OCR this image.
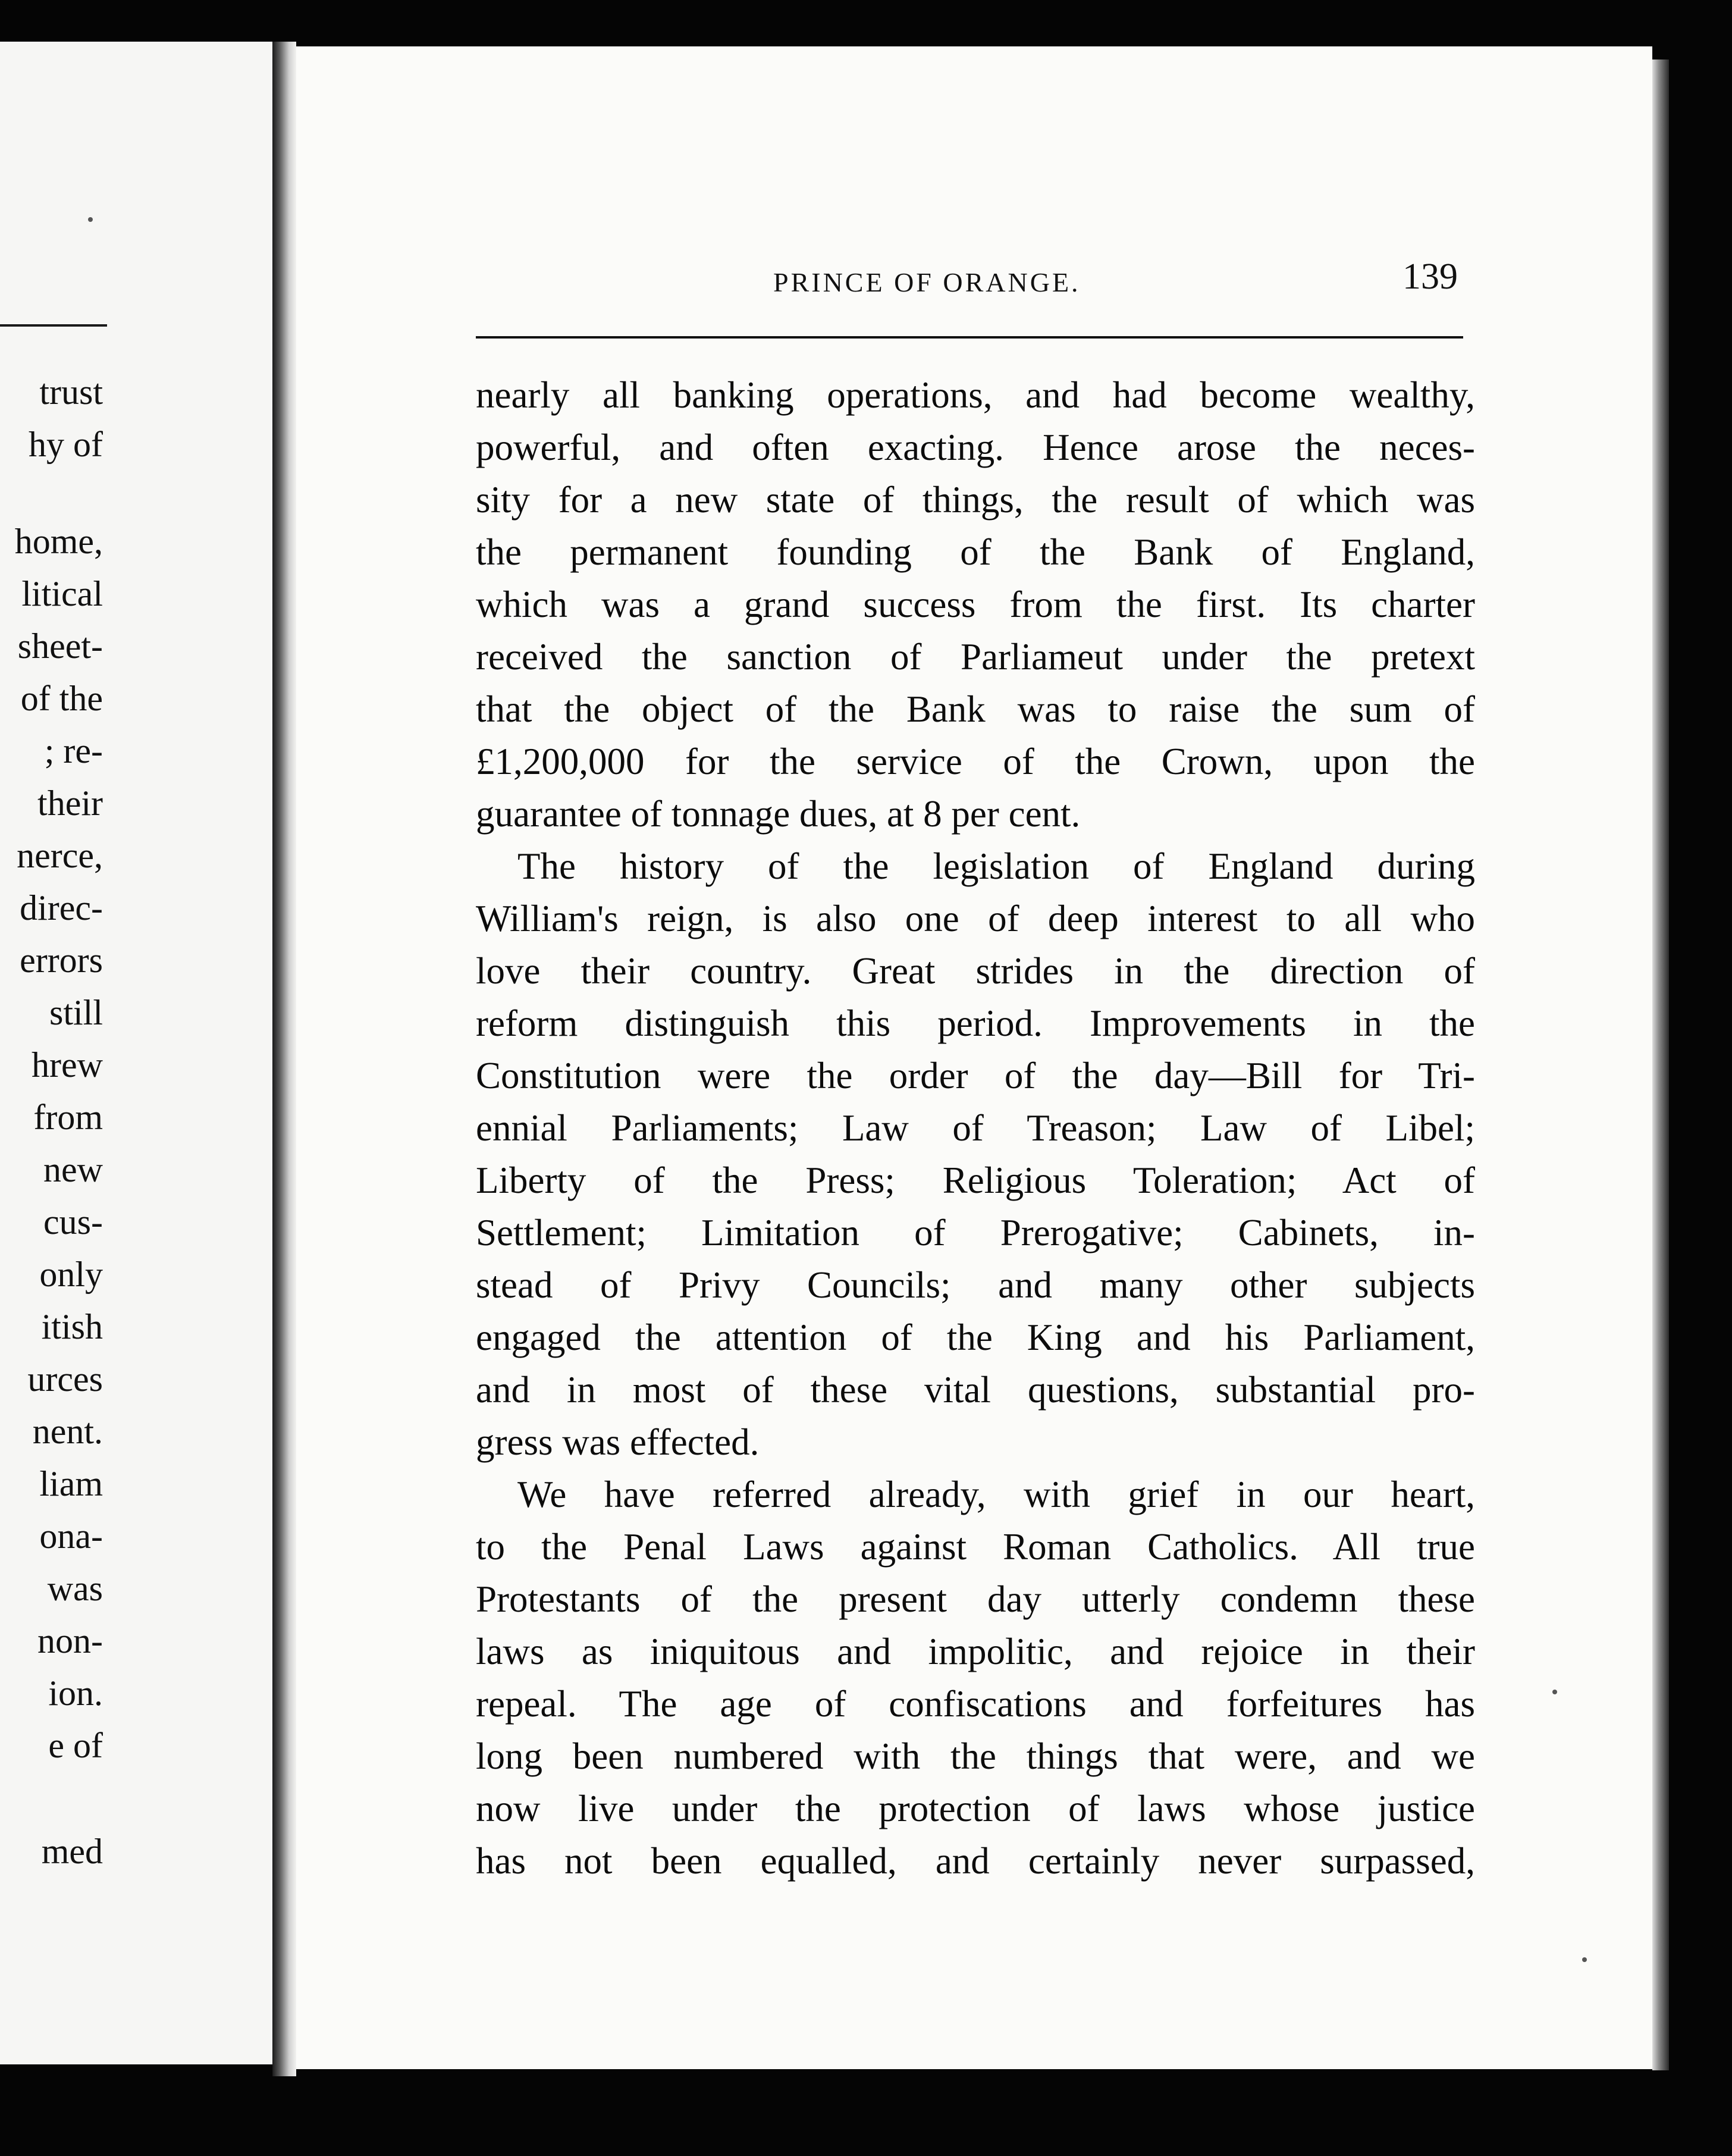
trust
hy of
home,
litical
sheet-
of the
; re-
their
nerce,
direc-
errors
still
hrew
from
new
cus-
only
itish
urces
nent.
liam
ona-
was
non-
ion.
e of
med
PRINCE OF ORANGE.	139
nearly all banking operations, and had become wealthy,
powerful, and often exacting. Hence arose the neces-
sity for a new state of things, the result of which was
the permanent founding of the Bank of England,
which was a grand success from the first. Its charter
received the sanction of Parliameut under the pretext
that the object of the Bank was to raise the sum of
£1,200,000 for the service of the Crown, upon the
guarantee of tonnage dues, at 8 per cent.
The history of the legislation of England during
William's reign, is also one of deep interest to all who
love their country. Great strides in the direction of
reform distinguish this period. Improvements in the
Constitution were the order of the day—Bill for Tri-
ennial Parliaments; Law of Treason; Law of Libel;
Liberty of the Press; Religious Toleration; Act of
Settlement; Limitation of Prerogative; Cabinets, in-
stead of Privy Councils; and many other subjects
engaged the attention of the King and his Parliament,
and in most of these vital questions, substantial pro-
gress was effected.
We have referred already, with grief in our heart,
to the Penal Laws against Roman Catholics. All true
Protestants of the present day utterly condemn these
laws as iniquitous and impolitic, and rejoice in their
repeal. The age of confiscations and forfeitures has
long been numbered with the things that were, and we
now live under the protection of laws whose justice
has not been equalled, and certainly never surpassed,
